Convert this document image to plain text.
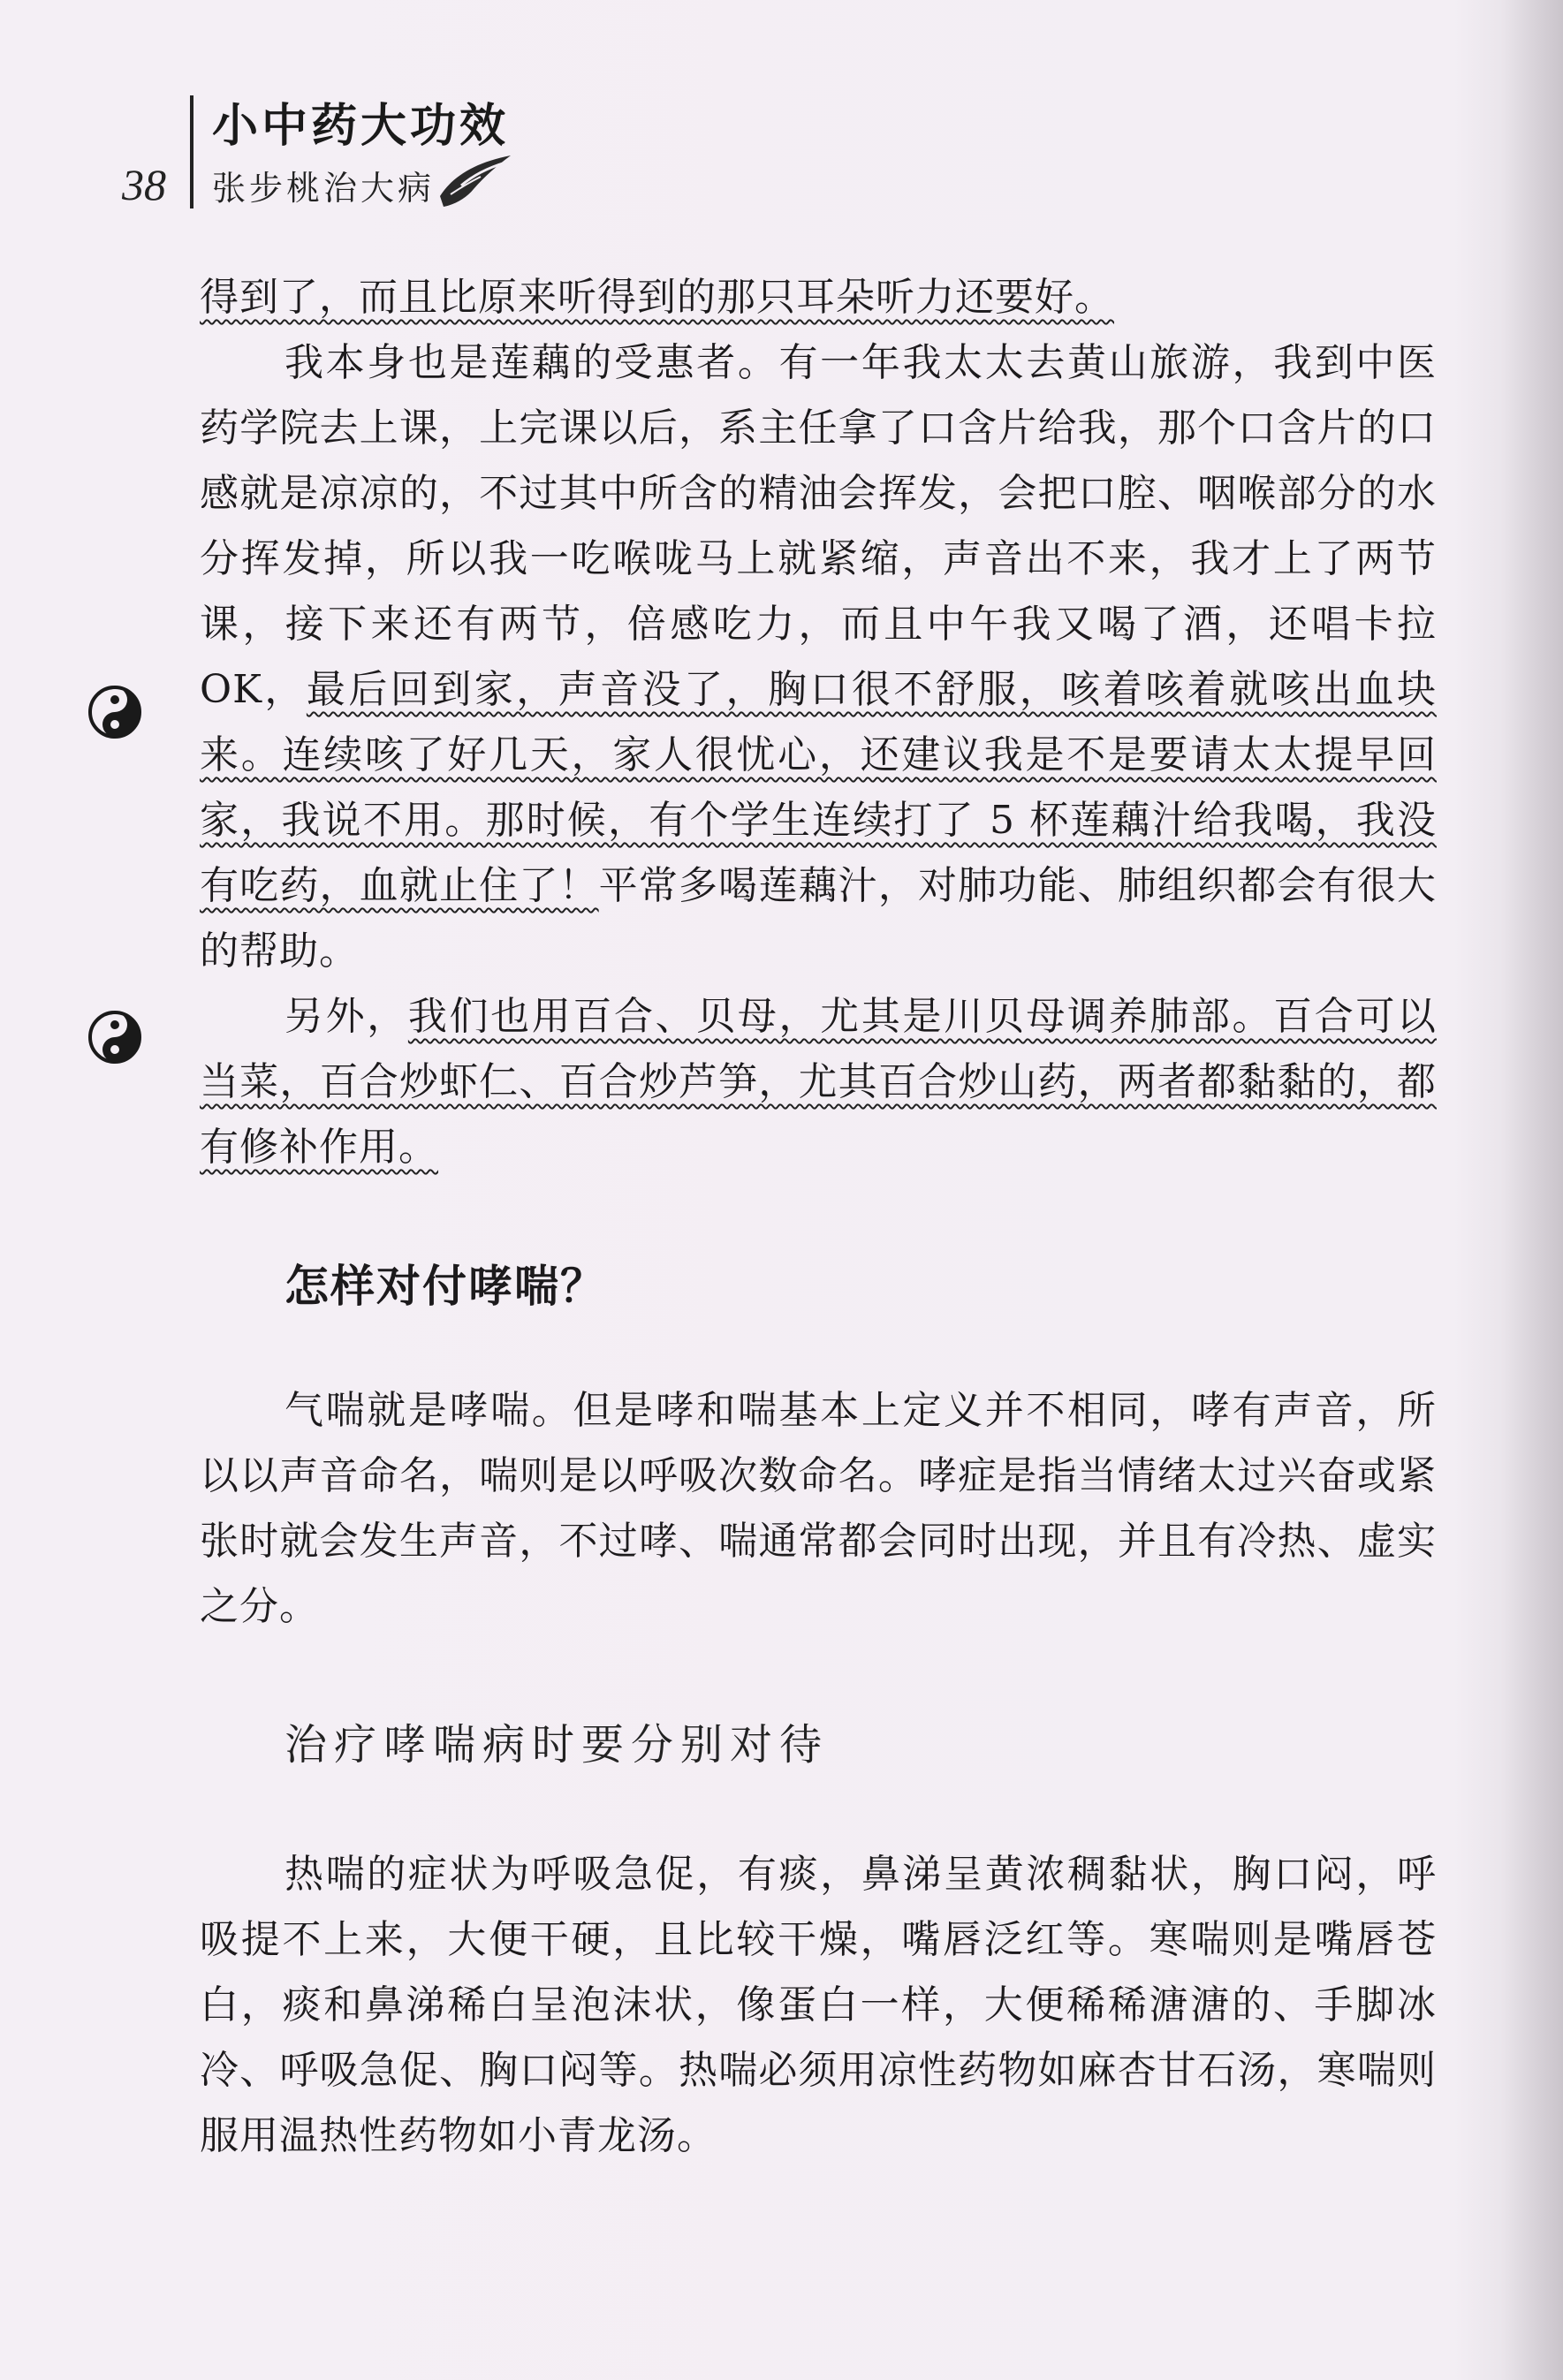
38
小中药大功效
张步桃治大病

得到了，而且比原来听得到的那只耳朵听力还要好。

我本身也是莲藕的受惠者。有一年我太太去黄山旅游，我到中医药学院去上课，上完课以后，系主任拿了口含片给我，那个口含片的口感就是凉凉的，不过其中所含的精油会挥发，会把口腔、咽喉部分的水分挥发掉，所以我一吃喉咙马上就紧缩，声音出不来，我才上了两节课，接下来还有两节，倍感吃力，而且中午我又喝了酒，还唱卡拉 OK，最后回到家，声音没了，胸口很不舒服，咳着咳着就咳出血块来。连续咳了好几天，家人很忧心，还建议我是不是要请太太提早回家，我说不用。那时候，有个学生连续打了 5 杯莲藕汁给我喝，我没有吃药，血就止住了！平常多喝莲藕汁，对肺功能、肺组织都会有很大的帮助。

另外，我们也用百合、贝母，尤其是川贝母调养肺部。百合可以当菜，百合炒虾仁、百合炒芦笋，尤其百合炒山药，两者都黏黏的，都有修补作用。

怎样对付哮喘？

气喘就是哮喘。但是哮和喘基本上定义并不相同，哮有声音，所以以声音命名，喘则是以呼吸次数命名。哮症是指当情绪太过兴奋或紧张时就会发生声音，不过哮、喘通常都会同时出现，并且有冷热、虚实之分。

治疗哮喘病时要分别对待

热喘的症状为呼吸急促，有痰，鼻涕呈黄浓稠黏状，胸口闷，呼吸提不上来，大便干硬，且比较干燥，嘴唇泛红等。寒喘则是嘴唇苍白，痰和鼻涕稀白呈泡沫状，像蛋白一样，大便稀稀溏溏的、手脚冰冷、呼吸急促、胸口闷等。热喘必须用凉性药物如麻杏甘石汤，寒喘则服用温热性药物如小青龙汤。
